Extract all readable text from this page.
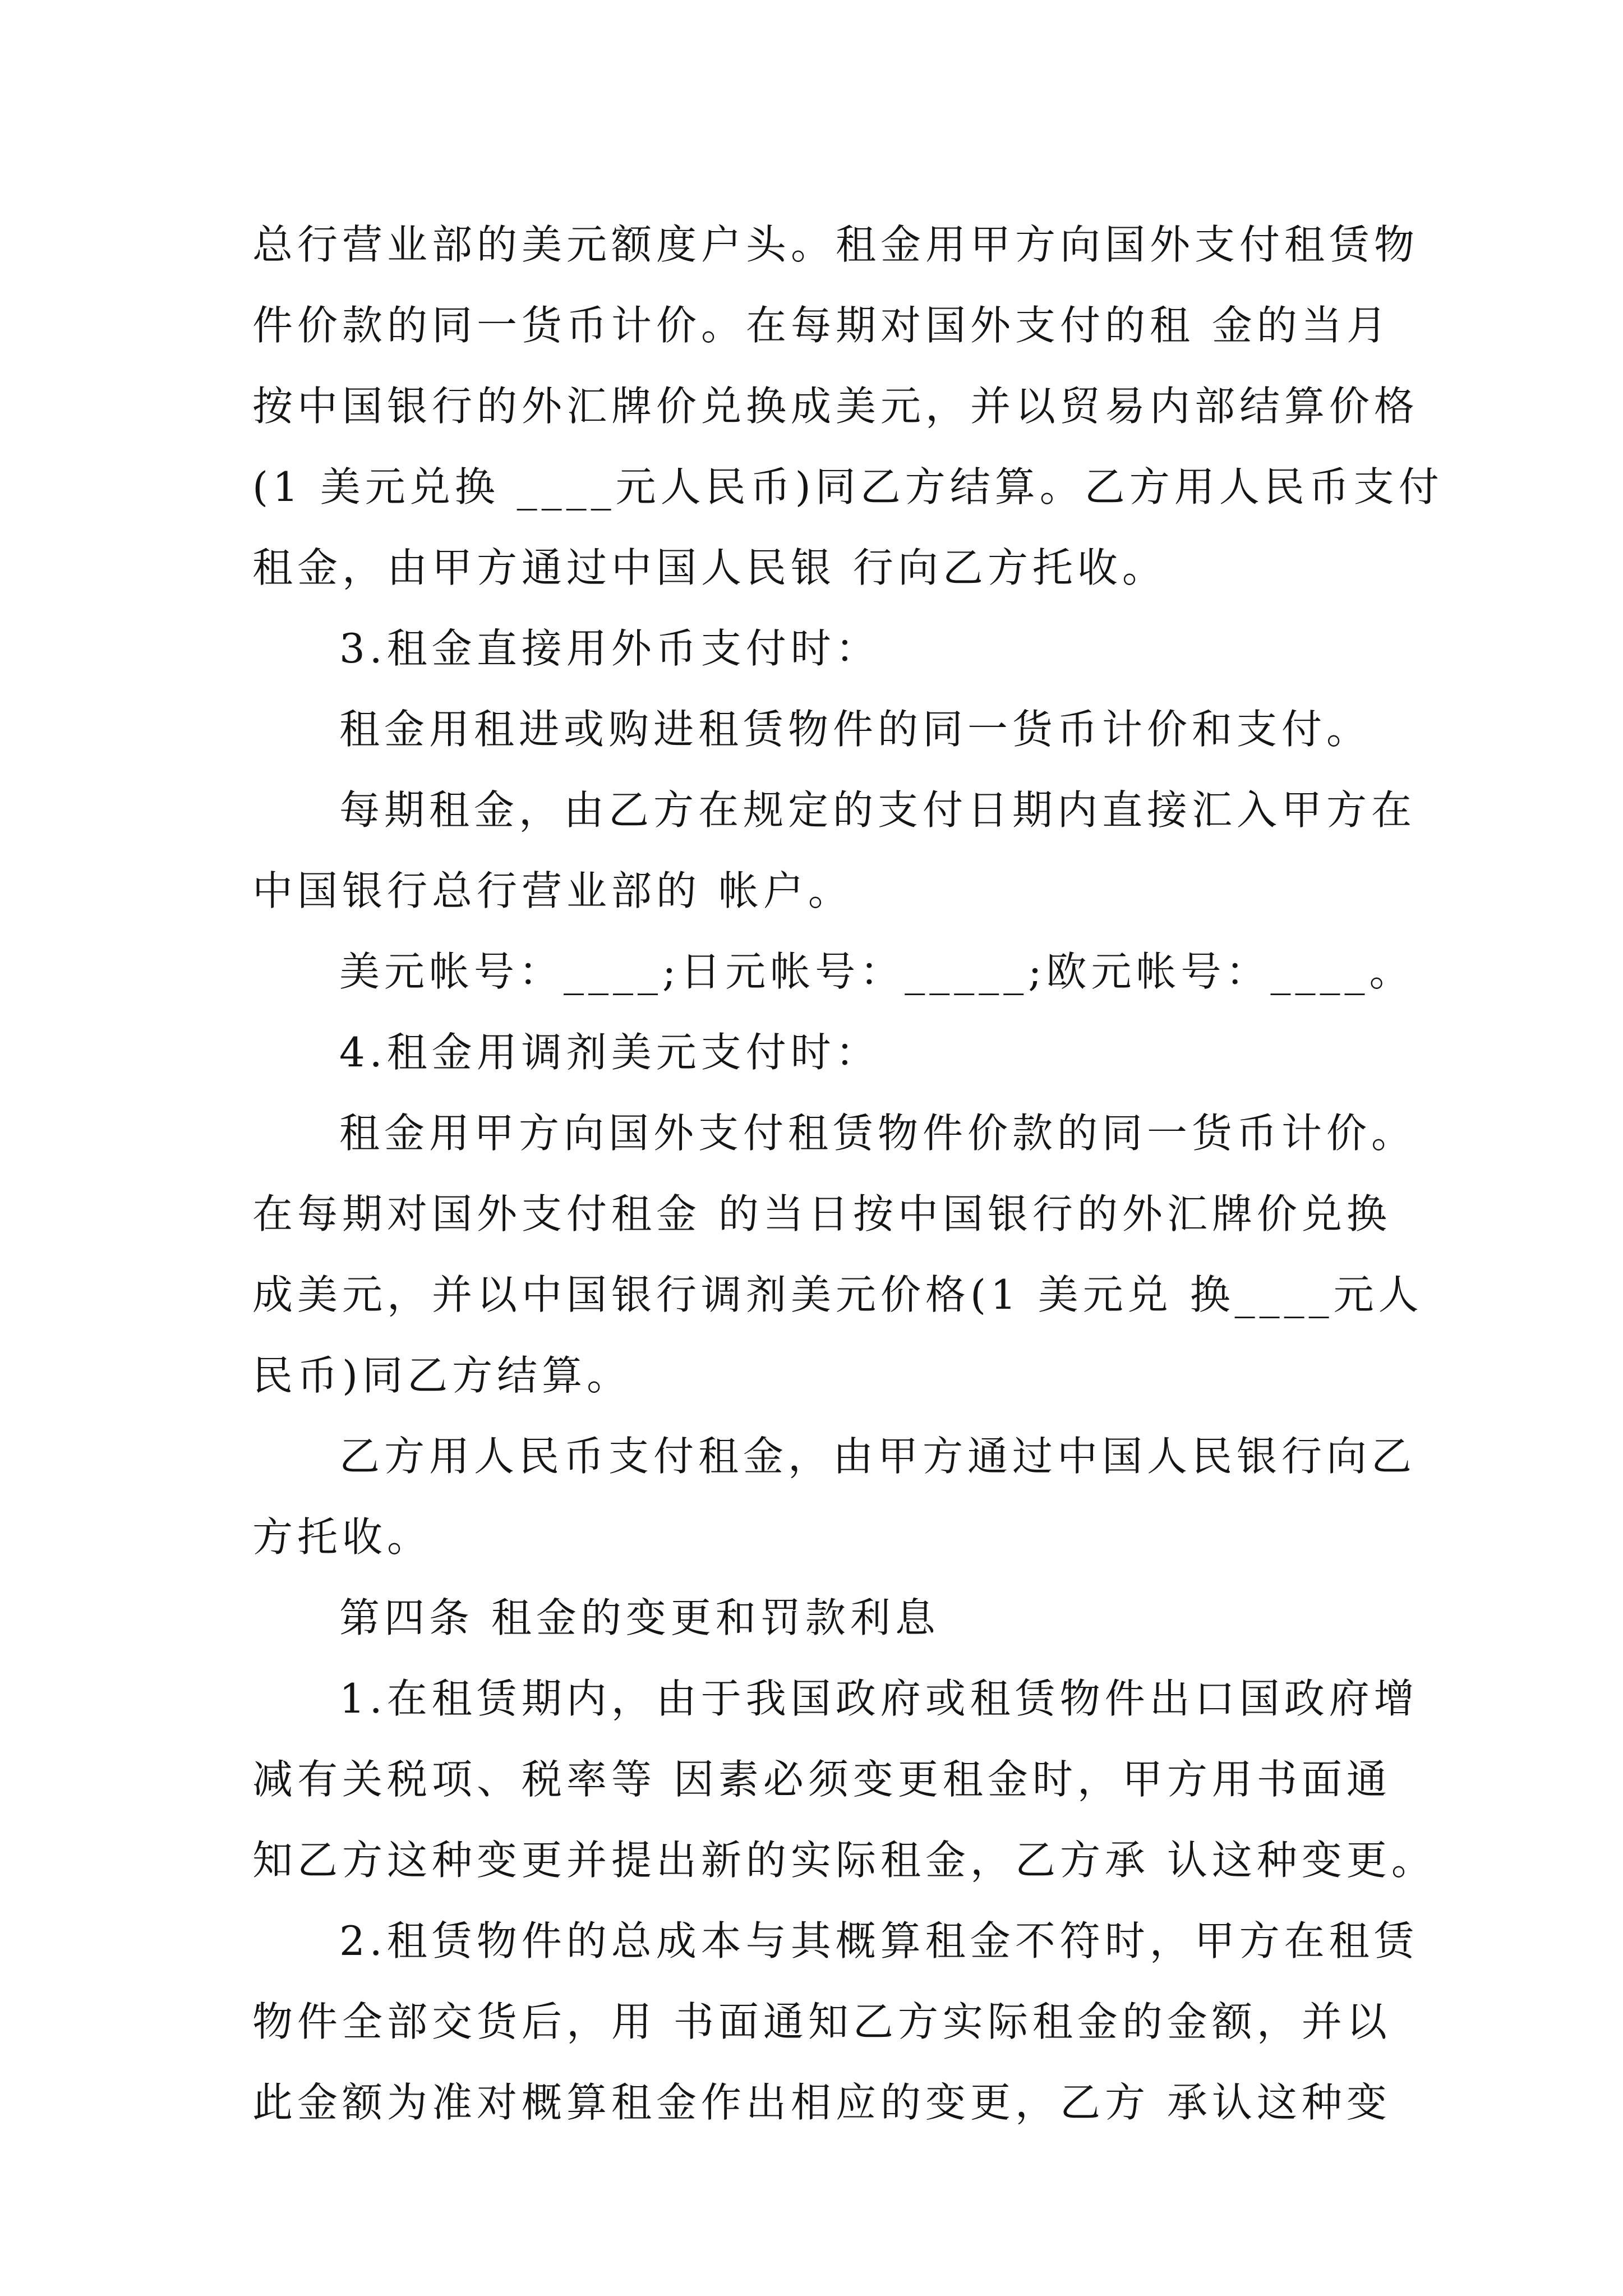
总行营业部的美元额度户头。租金用甲方向国外支付租赁物
件价款的同一货币计价。在每期对国外支付的租 金的当月
按中国银行的外汇牌价兑换成美元，并以贸易内部结算价格
(1 美元兑换 ____元人民币)同乙方结算。乙方用人民币支付
租金，由甲方通过中国人民银 行向乙方托收。
3.租金直接用外币支付时：
租金用租进或购进租赁物件的同一货币计价和支付。
每期租金，由乙方在规定的支付日期内直接汇入甲方在
中国银行总行营业部的 帐户。
美元帐号：____;日元帐号：_____;欧元帐号：____。
4.租金用调剂美元支付时：
租金用甲方向国外支付租赁物件价款的同一货币计价。
在每期对国外支付租金 的当日按中国银行的外汇牌价兑换
成美元，并以中国银行调剂美元价格(1 美元兑 换____元人
民币)同乙方结算。
乙方用人民币支付租金，由甲方通过中国人民银行向乙
方托收。
第四条 租金的变更和罚款利息
1.在租赁期内，由于我国政府或租赁物件出口国政府增
减有关税项、税率等 因素必须变更租金时，甲方用书面通
知乙方这种变更并提出新的实际租金，乙方承 认这种变更。
2.租赁物件的总成本与其概算租金不符时，甲方在租赁
物件全部交货后，用 书面通知乙方实际租金的金额，并以
此金额为准对概算租金作出相应的变更，乙方 承认这种变
